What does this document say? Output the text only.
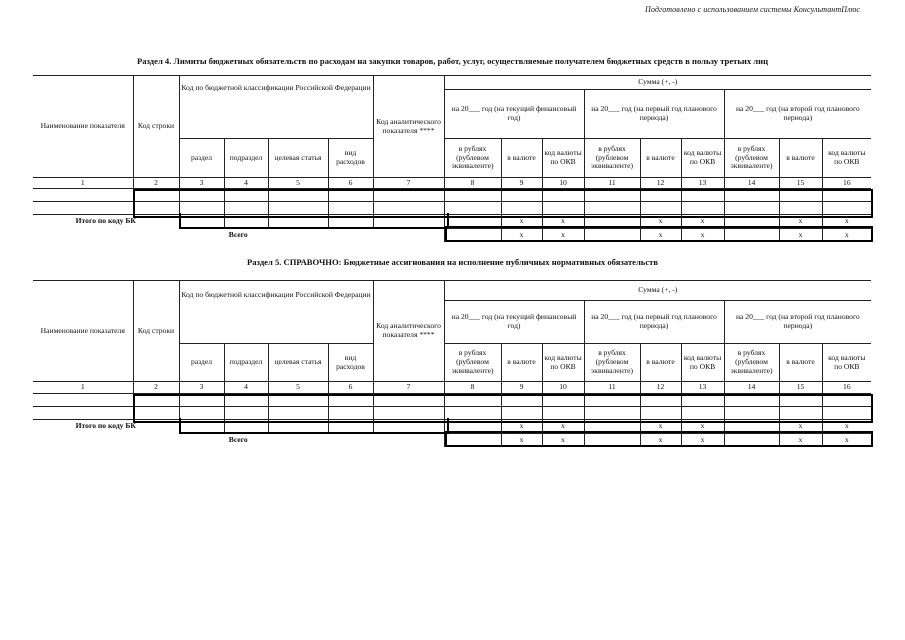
Подготовлено с использованием системы КонсультантПлюс
Раздел 4. Лимиты бюджетных обязательств по расходам на закупки товаров, работ, услуг, осуществляемые получателем бюджетных средств в пользу третьих лиц
Наименование показателя	Код строки	Код по бюджетной классификации Российской Федерации				Код аналитического показателя ****	Сумма (+, -)								
							на 20___ год (на текущий финансовый год)			на 20___ год (на первый год планового периода)			на 20___ год (на второй год планового периода)		
		раздел	подраздел	целевая статья	вид расходов		в рублях (рублевом эквиваленте)	в валюте	код валюты по ОКВ	в рублях (рублевом эквиваленте)	в валюте	код валюты по ОКВ	в рублях (рублевом эквиваленте)	в валюте	код валюты по ОКВ
1	2	3	4	5	6	7	8	9	10	11	12	13	14	15	16

Итого по коду БК								x	x		x	x		x	x
Всего								x	x		x	x		x	x
Раздел 5. СПРАВОЧНО: Бюджетные ассигнования на исполнение публичных нормативных обязательств
Наименование показателя	Код строки	Код по бюджетной классификации Российской Федерации				Код аналитического показателя ****	Сумма (+, -)								
							на 20___ год (на текущий финансовый год)			на 20___ год (на первый год планового периода)			на 20___ год (на второй год планового периода)		
		раздел	подраздел	целевая статья	вид расходов		в рублях (рублевом эквиваленте)	в валюте	код валюты по ОКВ	в рублях (рублевом эквиваленте)	в валюте	код валюты по ОКВ	в рублях (рублевом эквиваленте)	в валюте	код валюты по ОКВ
1	2	3	4	5	6	7	8	9	10	11	12	13	14	15	16

Итого по коду БК								x	x		x	x		x	x
Всего								x	x		x	x		x	x
